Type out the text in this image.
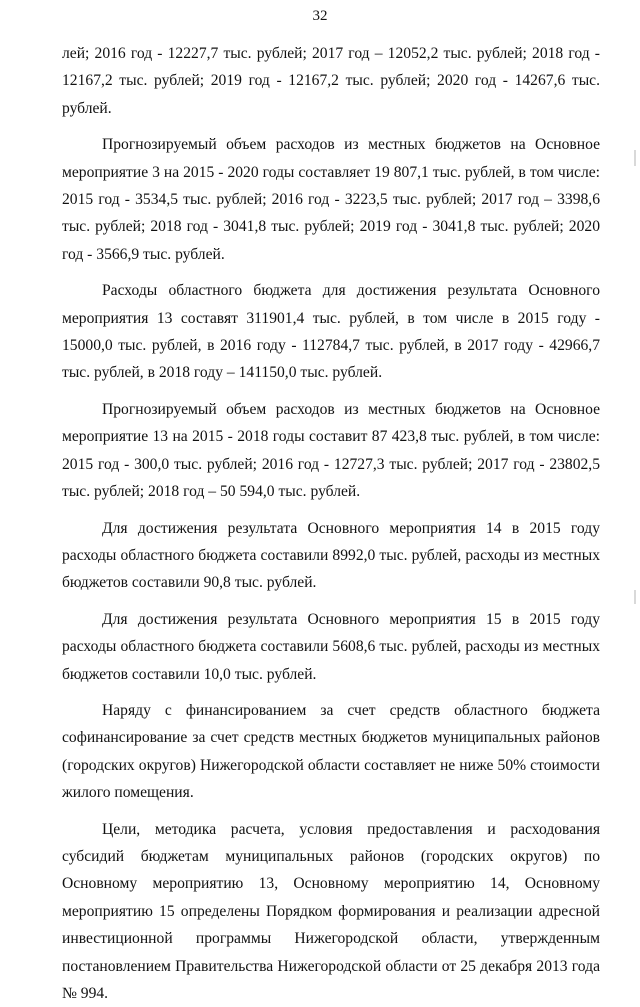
32

лей; 2016 год - 12227,7 тыс. рублей; 2017 год – 12052,2 тыс. рублей; 2018 год - 12167,2 тыс. рублей; 2019 год - 12167,2 тыс. рублей; 2020 год - 14267,6 тыс. рублей.

Прогнозируемый объем расходов из местных бюджетов на Основное мероприятие 3 на 2015 - 2020 годы составляет 19 807,1 тыс. рублей, в том числе: 2015 год - 3534,5 тыс. рублей; 2016 год - 3223,5 тыс. рублей; 2017 год – 3398,6 тыс. рублей; 2018 год - 3041,8 тыс. рублей; 2019 год - 3041,8 тыс. рублей; 2020 год - 3566,9 тыс. рублей.

Расходы областного бюджета для достижения результата Основного мероприятия 13 составят 311901,4 тыс. рублей, в том числе в 2015 году - 15000,0 тыс. рублей, в 2016 году - 112784,7 тыс. рублей, в 2017 году - 42966,7 тыс. рублей, в 2018 году – 141150,0 тыс. рублей.

Прогнозируемый объем расходов из местных бюджетов на Основное мероприятие 13 на 2015 - 2018 годы составит 87 423,8 тыс. рублей, в том числе: 2015 год - 300,0 тыс. рублей; 2016 год - 12727,3 тыс. рублей; 2017 год - 23802,5 тыс. рублей; 2018 год – 50 594,0 тыс. рублей.

Для достижения результата Основного мероприятия 14 в 2015 году расходы областного бюджета составили 8992,0 тыс. рублей, расходы из местных бюджетов составили 90,8 тыс. рублей.

Для достижения результата Основного мероприятия 15 в 2015 году расходы областного бюджета составили 5608,6 тыс. рублей, расходы из местных бюджетов составили 10,0 тыс. рублей.

Наряду с финансированием за счет средств областного бюджета софинансирование за счет средств местных бюджетов муниципальных районов (городских округов) Нижегородской области составляет не ниже 50% стоимости жилого помещения.

Цели, методика расчета, условия предоставления и расходования субсидий бюджетам муниципальных районов (городских округов) по Основному мероприятию 13, Основному мероприятию 14, Основному мероприятию 15 определены Порядком формирования и реализации адресной инвестиционной программы Нижегородской области, утвержденным постановлением Правительства Нижегородской области от 25 декабря 2013 года № 994.
